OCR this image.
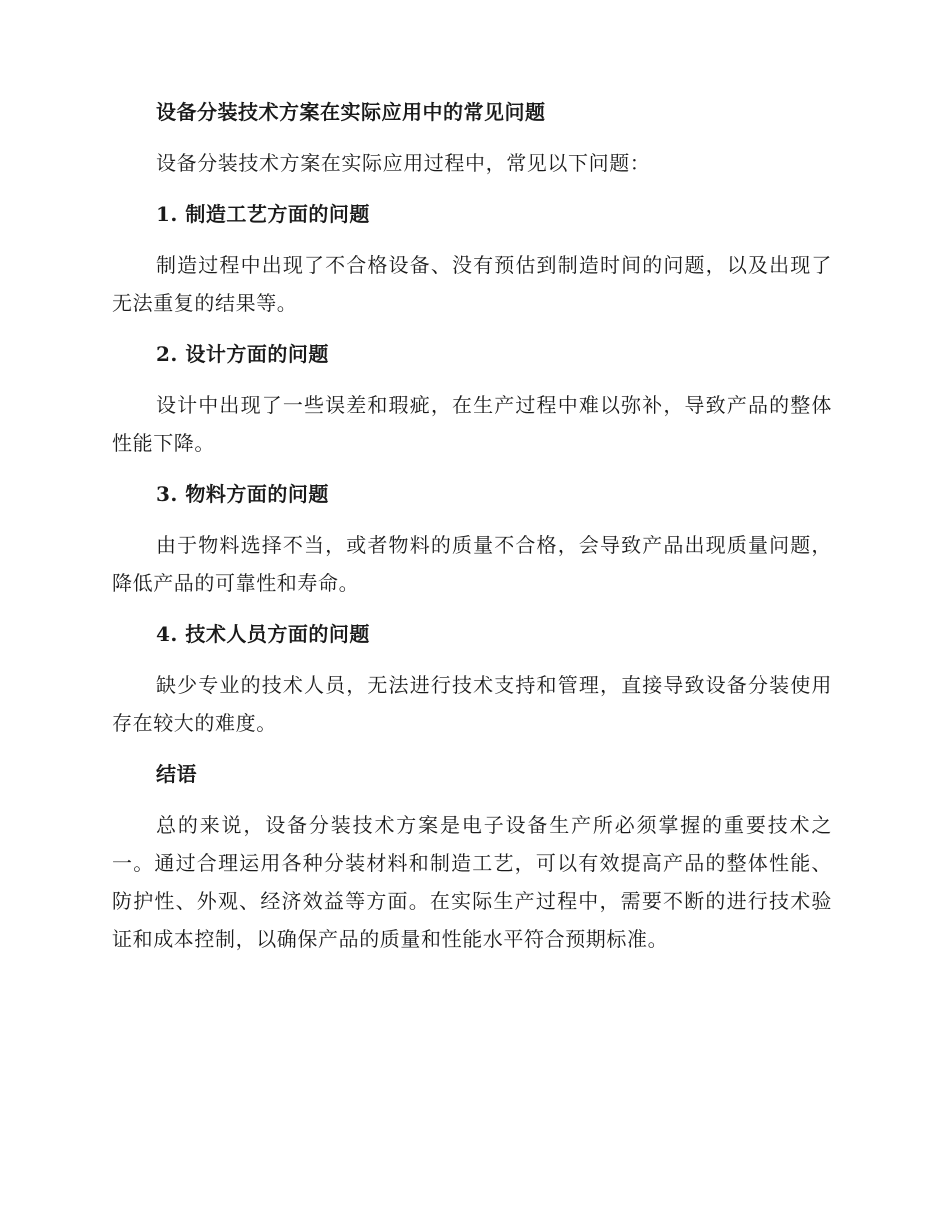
设备分装技术方案在实际应用中的常见问题

设备分装技术方案在实际应用过程中，常见以下问题：

1. 制造工艺方面的问题

制造过程中出现了不合格设备、没有预估到制造时间的问题，以及出现了无法重复的结果等。

2. 设计方面的问题

设计中出现了一些误差和瑕疵，在生产过程中难以弥补，导致产品的整体性能下降。

3. 物料方面的问题

由于物料选择不当，或者物料的质量不合格，会导致产品出现质量问题，降低产品的可靠性和寿命。

4. 技术人员方面的问题

缺少专业的技术人员，无法进行技术支持和管理，直接导致设备分装使用存在较大的难度。

结语

总的来说，设备分装技术方案是电子设备生产所必须掌握的重要技术之一。通过合理运用各种分装材料和制造工艺，可以有效提高产品的整体性能、防护性、外观、经济效益等方面。在实际生产过程中，需要不断的进行技术验证和成本控制，以确保产品的质量和性能水平符合预期标准。
